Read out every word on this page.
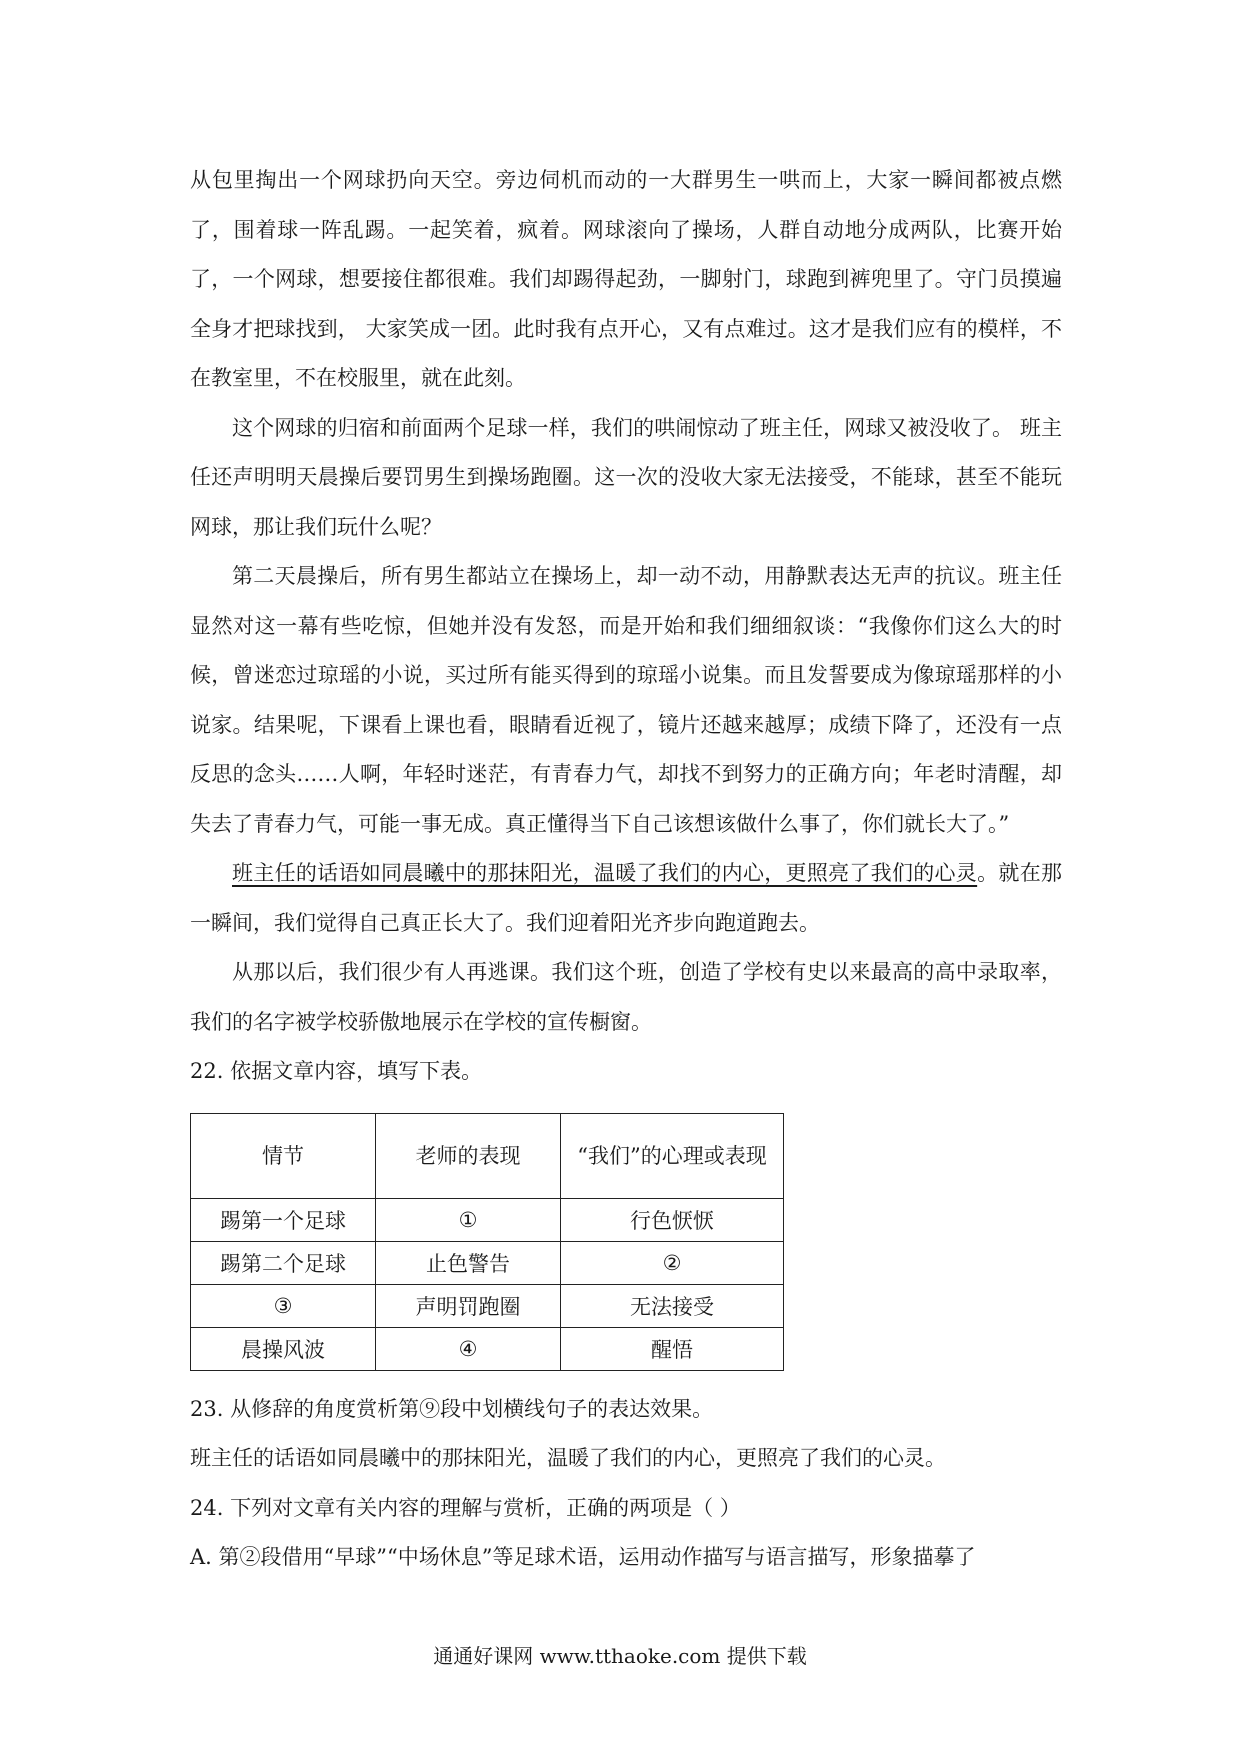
从包里掏出一个网球扔向天空。旁边伺机而动的一大群男生一哄而上，大家一瞬间都被点燃了，围着球一阵乱踢。一起笑着，疯着。网球滚向了操场，人群自动地分成两队，比赛开始了，一个网球，想要接住都很难。我们却踢得起劲，一脚射门，球跑到裤兜里了。守门员摸遍全身才把球找到， 大家笑成一团。此时我有点开心，又有点难过。这才是我们应有的模样，不在教室里，不在校服里，就在此刻。

这个网球的归宿和前面两个足球一样，我们的哄闹惊动了班主任，网球又被没收了。 班主任还声明明天晨操后要罚男生到操场跑圈。这一次的没收大家无法接受，不能球，甚至不能玩网球，那让我们玩什么呢？

第二天晨操后，所有男生都站立在操场上，却一动不动，用静默表达无声的抗议。班主任显然对这一幕有些吃惊，但她并没有发怒，而是开始和我们细细叙谈：“我像你们这么大的时候，曾迷恋过琼瑶的小说，买过所有能买得到的琼瑶小说集。而且发誓要成为像琼瑶那样的小说家。结果呢，下课看上课也看，眼睛看近视了，镜片还越来越厚；成绩下降了，还没有一点反思的念头……人啊，年轻时迷茫，有青春力气，却找不到努力的正确方向；年老时清醒，却失去了青春力气，可能一事无成。真正懂得当下自己该想该做什么事了，你们就长大了。”

班主任的话语如同晨曦中的那抹阳光，温暖了我们的内心，更照亮了我们的心灵。就在那一瞬间，我们觉得自己真正长大了。我们迎着阳光齐步向跑道跑去。

从那以后，我们很少有人再逃课。我们这个班，创造了学校有史以来最高的高中录取率，我们的名字被学校骄傲地展示在学校的宣传橱窗。

22. 依据文章内容，填写下表。

情节	老师的表现	“我们”的心理或表现
踢第一个足球	①	行色恹恹
踢第二个足球	止色警告	②
③	声明罚跑圈	无法接受
晨操风波	④	醒悟

23. 从修辞的角度赏析第⑨段中划横线句子的表达效果。

班主任的话语如同晨曦中的那抹阳光，温暖了我们的内心，更照亮了我们的心灵。

24. 下列对文章有关内容的理解与赏析，正确的两项是（ ）

A. 第②段借用“早球”“中场休息”等足球术语，运用动作描写与语言描写，形象描摹了

通通好课网 www.tthaoke.com 提供下载
